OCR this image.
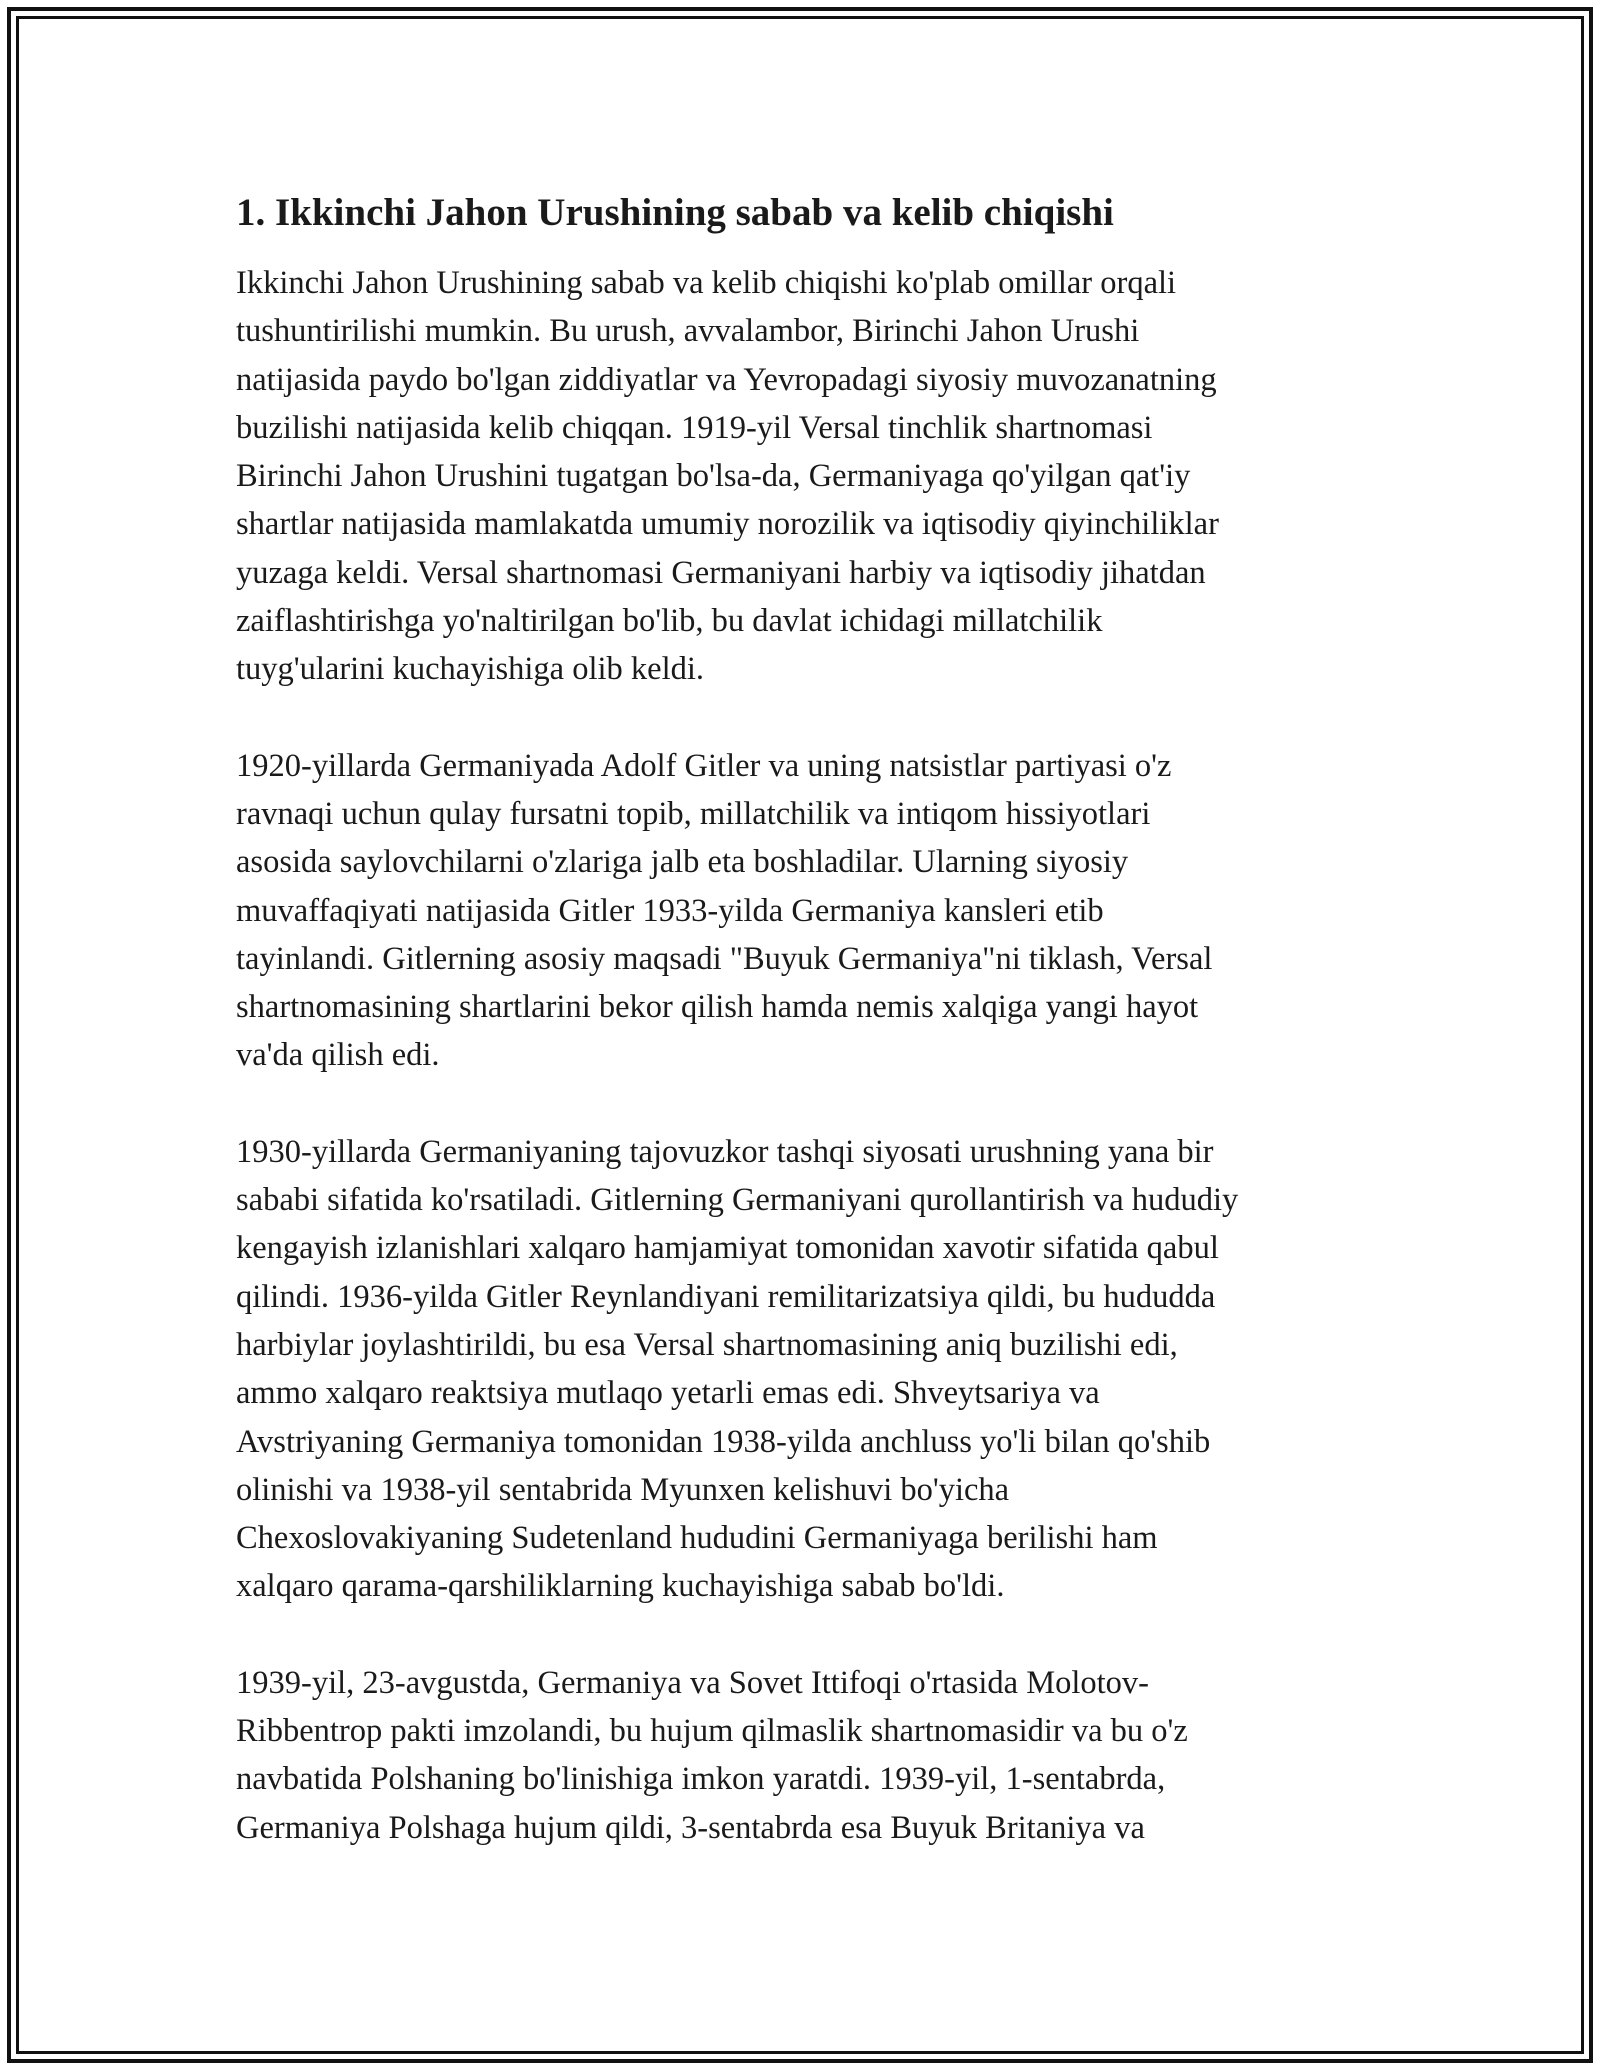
1. Ikkinchi Jahon Urushining sabab va kelib chiqishi

Ikkinchi Jahon Urushining sabab va kelib chiqishi ko'plab omillar orqali
tushuntirilishi mumkin. Bu urush, avvalambor, Birinchi Jahon Urushi
natijasida paydo bo'lgan ziddiyatlar va Yevropadagi siyosiy muvozanatning
buzilishi natijasida kelib chiqqan. 1919-yil Versal tinchlik shartnomasi
Birinchi Jahon Urushini tugatgan bo'lsa-da, Germaniyaga qo'yilgan qat'iy
shartlar natijasida mamlakatda umumiy norozilik va iqtisodiy qiyinchiliklar
yuzaga keldi. Versal shartnomasi Germaniyani harbiy va iqtisodiy jihatdan
zaiflashtirishga yo'naltirilgan bo'lib, bu davlat ichidagi millatchilik
tuyg'ularini kuchayishiga olib keldi.

1920-yillarda Germaniyada Adolf Gitler va uning natsistlar partiyasi o'z
ravnaqi uchun qulay fursatni topib, millatchilik va intiqom hissiyotlari
asosida saylovchilarni o'zlariga jalb eta boshladilar. Ularning siyosiy
muvaffaqiyati natijasida Gitler 1933-yilda Germaniya kansleri etib
tayinlandi. Gitlerning asosiy maqsadi "Buyuk Germaniya"ni tiklash, Versal
shartnomasining shartlarini bekor qilish hamda nemis xalqiga yangi hayot
va'da qilish edi.

1930-yillarda Germaniyaning tajovuzkor tashqi siyosati urushning yana bir
sababi sifatida ko'rsatiladi. Gitlerning Germaniyani qurollantirish va hududiy
kengayish izlanishlari xalqaro hamjamiyat tomonidan xavotir sifatida qabul
qilindi. 1936-yilda Gitler Reynlandiyani remilitarizatsiya qildi, bu hududda
harbiylar joylashtirildi, bu esa Versal shartnomasining aniq buzilishi edi,
ammo xalqaro reaktsiya mutlaqo yetarli emas edi. Shveytsariya va
Avstriyaning Germaniya tomonidan 1938-yilda anchluss yo'li bilan qo'shib
olinishi va 1938-yil sentabrida Myunxen kelishuvi bo'yicha
Chexoslovakiyaning Sudetenland hududini Germaniyaga berilishi ham
xalqaro qarama-qarshiliklarning kuchayishiga sabab bo'ldi.

1939-yil, 23-avgustda, Germaniya va Sovet Ittifoqi o'rtasida Molotov-
Ribbentrop pakti imzolandi, bu hujum qilmaslik shartnomasidir va bu o'z
navbatida Polshaning bo'linishiga imkon yaratdi. 1939-yil, 1-sentabrda,
Germaniya Polshaga hujum qildi, 3-sentabrda esa Buyuk Britaniya va
